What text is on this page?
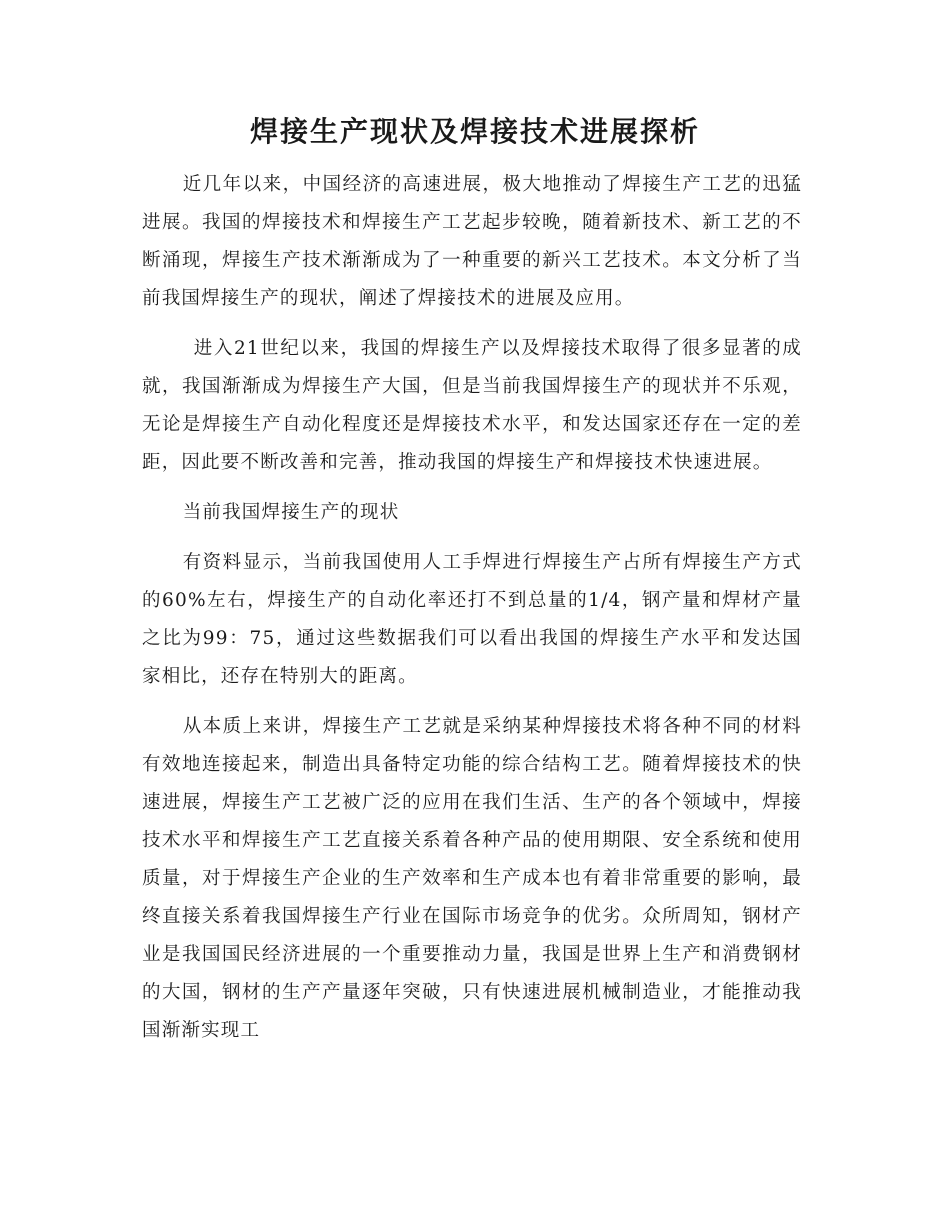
焊接生产现状及焊接技术进展探析

近几年以来，中国经济的高速进展，极大地推动了焊接生产工艺的迅猛进展。我国的焊接技术和焊接生产工艺起步较晚，随着新技术、新工艺的不断涌现，焊接生产技术渐渐成为了一种重要的新兴工艺技术。本文分析了当前我国焊接生产的现状，阐述了焊接技术的进展及应用。

进入21世纪以来，我国的焊接生产以及焊接技术取得了很多显著的成就，我国渐渐成为焊接生产大国，但是当前我国焊接生产的现状并不乐观，无论是焊接生产自动化程度还是焊接技术水平，和发达国家还存在一定的差距，因此要不断改善和完善，推动我国的焊接生产和焊接技术快速进展。

当前我国焊接生产的现状

有资料显示，当前我国使用人工手焊进行焊接生产占所有焊接生产方式的60%左右，焊接生产的自动化率还打不到总量的1/4，钢产量和焊材产量之比为99：75，通过这些数据我们可以看出我国的焊接生产水平和发达国家相比，还存在特别大的距离。

从本质上来讲，焊接生产工艺就是采纳某种焊接技术将各种不同的材料有效地连接起来，制造出具备特定功能的综合结构工艺。随着焊接技术的快速进展，焊接生产工艺被广泛的应用在我们生活、生产的各个领域中，焊接技术水平和焊接生产工艺直接关系着各种产品的使用期限、安全系统和使用质量，对于焊接生产企业的生产效率和生产成本也有着非常重要的影响，最终直接关系着我国焊接生产行业在国际市场竞争的优劣。众所周知，钢材产业是我国国民经济进展的一个重要推动力量，我国是世界上生产和消费钢材的大国，钢材的生产产量逐年突破，只有快速进展机械制造业，才能推动我国渐渐实现工
